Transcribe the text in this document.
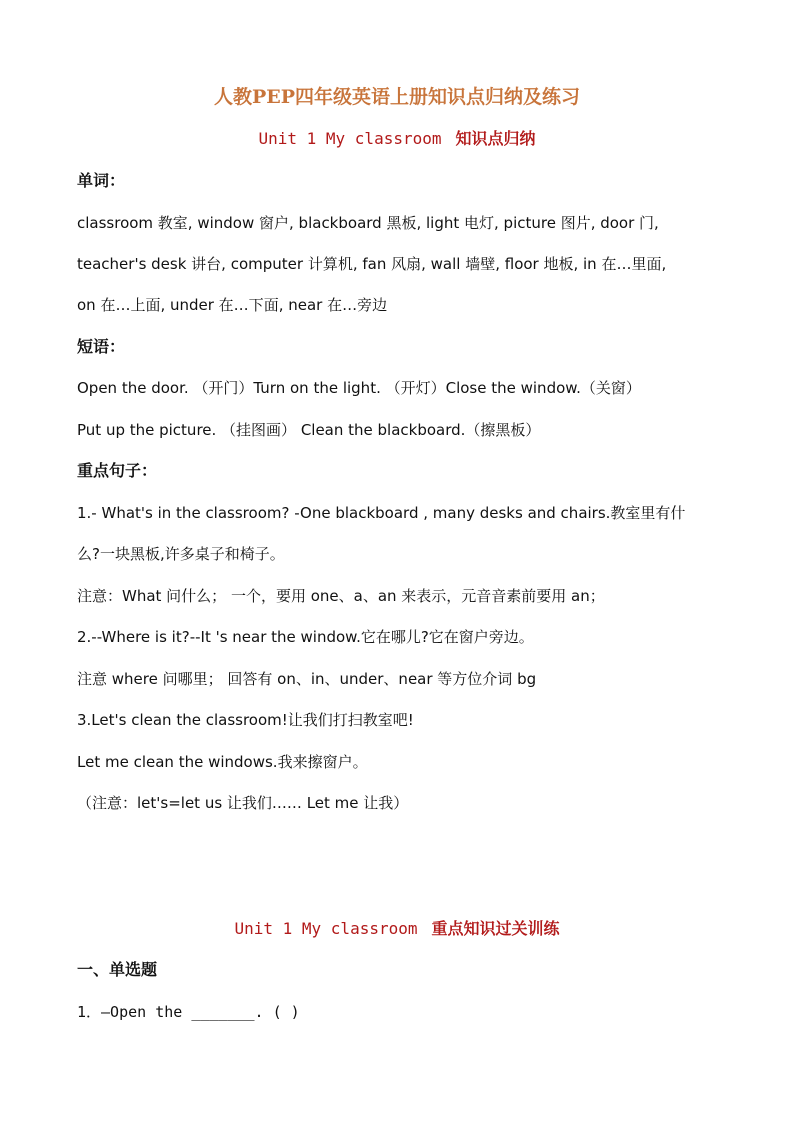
人教PEP四年级英语上册知识点归纳及练习
Unit 1 My classroom 知识点归纳
单词：
classroom 教室, window 窗户, blackboard 黑板, light 电灯, picture 图片, door 门,
teacher's desk 讲台, computer 计算机, fan 风扇, wall 墙壁, floor 地板, in 在…里面,
on 在…上面, under 在…下面, near 在…旁边
短语：
Open the door. （开门）Turn on the light. （开灯）Close the window.（关窗）
Put up the picture. （挂图画） Clean the blackboard.（擦黑板）
重点句子：
1.- What's in the classroom? -One blackboard , many desks and chairs.教室里有什
么?一块黑板,许多桌子和椅子。
注意：What 问什么； 一个，要用 one、a、an 来表示，元音音素前要用 an；
2.--Where is it?--It 's near the window.它在哪儿?它在窗户旁边。
注意 where 问哪里； 回答有 on、in、under、near 等方位介词 bg
3.Let's clean the classroom!让我们打扫教室吧!
Let me clean the windows.我来擦窗户。
（注意：let's=let us 让我们…… Let me 让我）
Unit 1 My classroom 重点知识过关训练
一、单选题
1．—Open the _______. ( )
